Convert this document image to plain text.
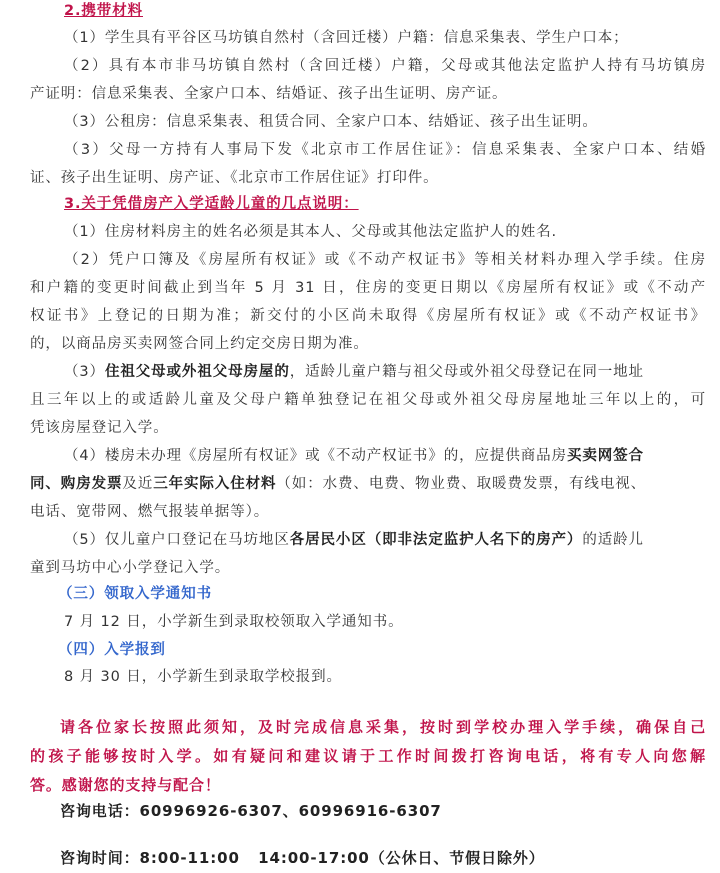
2.携带材料
（1）学生具有平谷区马坊镇自然村（含回迁楼）户籍：信息采集表、学生户口本；
（2）具有本市非马坊镇自然村（含回迁楼）户籍，父母或其他法定监护人持有马坊镇房
产证明：信息采集表、全家户口本、结婚证、孩子出生证明、房产证。
（3）公租房：信息采集表、租赁合同、全家户口本、结婚证、孩子出生证明。
（3）父母一方持有人事局下发《北京市工作居住证》：信息采集表、全家户口本、结婚
证、孩子出生证明、房产证、《北京市工作居住证》打印件。
3.关于凭借房产入学适龄儿童的几点说明：
（1）住房材料房主的姓名必须是其本人、父母或其他法定监护人的姓名.
（2）凭户口簿及《房屋所有权证》或《不动产权证书》等相关材料办理入学手续。住房
和户籍的变更时间截止到当年 5 月 31 日，住房的变更日期以《房屋所有权证》或《不动产
权证书》上登记的日期为准；新交付的小区尚未取得《房屋所有权证》或《不动产权证书》
的，以商品房买卖网签合同上约定交房日期为准。
（3）住祖父母或外祖父母房屋的，适龄儿童户籍与祖父母或外祖父母登记在同一地址
且三年以上的或适龄儿童及父母户籍单独登记在祖父母或外祖父母房屋地址三年以上的，可
凭该房屋登记入学。
（4）楼房未办理《房屋所有权证》或《不动产权证书》的，应提供商品房买卖网签合
同、购房发票及近三年实际入住材料（如：水费、电费、物业费、取暖费发票，有线电视、
电话、宽带网、燃气报装单据等）。
（5）仅儿童户口登记在马坊地区各居民小区（即非法定监护人名下的房产）的适龄儿
童到马坊中心小学登记入学。
（三）领取入学通知书
7 月 12 日，小学新生到录取校领取入学通知书。
（四）入学报到
8 月 30 日，小学新生到录取学校报到。
请各位家长按照此须知，及时完成信息采集，按时到学校办理入学手续，确保自己
的孩子能够按时入学。如有疑问和建议请于工作时间拨打咨询电话，将有专人向您解
答。感谢您的支持与配合！
咨询电话：60996926-6307、60996916-6307
咨询时间：8:00-11:00   14:00-17:00（公休日、节假日除外）
